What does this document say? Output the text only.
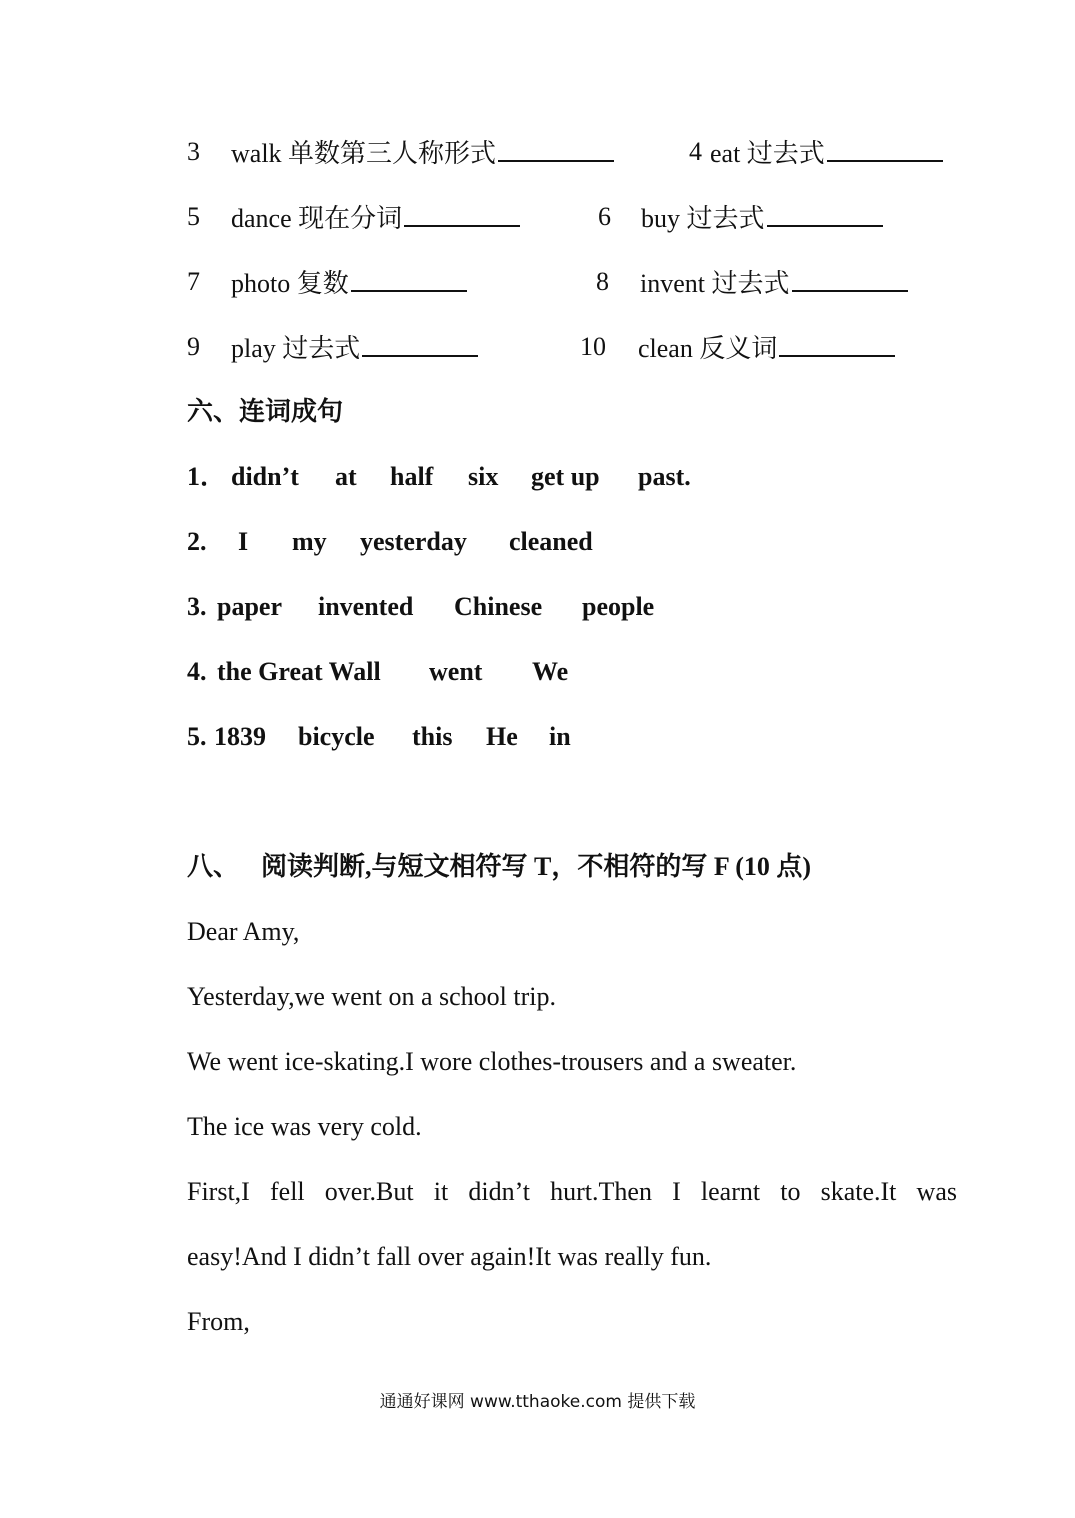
3 walk 单数第三人称形式	4 eat 过去式
5 dance 现在分词	6 buy 过去式
7 photo 复数	8 invent 过去式
9 play 过去式	10 clean 反义词
六、连词成句
1． didn’t at half six get up past.
2. I my yesterday cleaned
3. paper invented Chinese people
4. the Great Wall went We
5. 1839 bicycle this He in
八、 阅读判断,与短文相符写 T，不相符的写 F (10 点)
Dear Amy,
Yesterday,we went on a school trip.
We went ice-skating.I wore clothes-trousers and a sweater.
The ice was very cold.
First,I fell over.But it didn’t hurt.Then I learnt to skate.It was
easy!And I didn’t fall over again!It was really fun.
From,
通通好课网 www.tthaoke.com 提供下载
